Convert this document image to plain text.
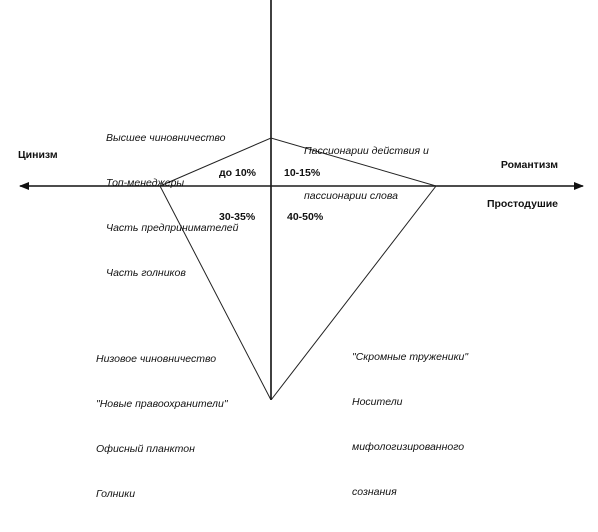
Цинизм

Романтизм

Простодушие

Высшее чиновничество

Топ-менеджеры

Часть предпринимателей

Часть голников

Пассионарии действия и

пассионарии слова

Низовое чиновничество

"Новые правоохранители"

Офисный планктон

Голники

"Скромные труженики"

Носители

мифологизированного

сознания

до 10%	10-15%
30-35%	40-50%
